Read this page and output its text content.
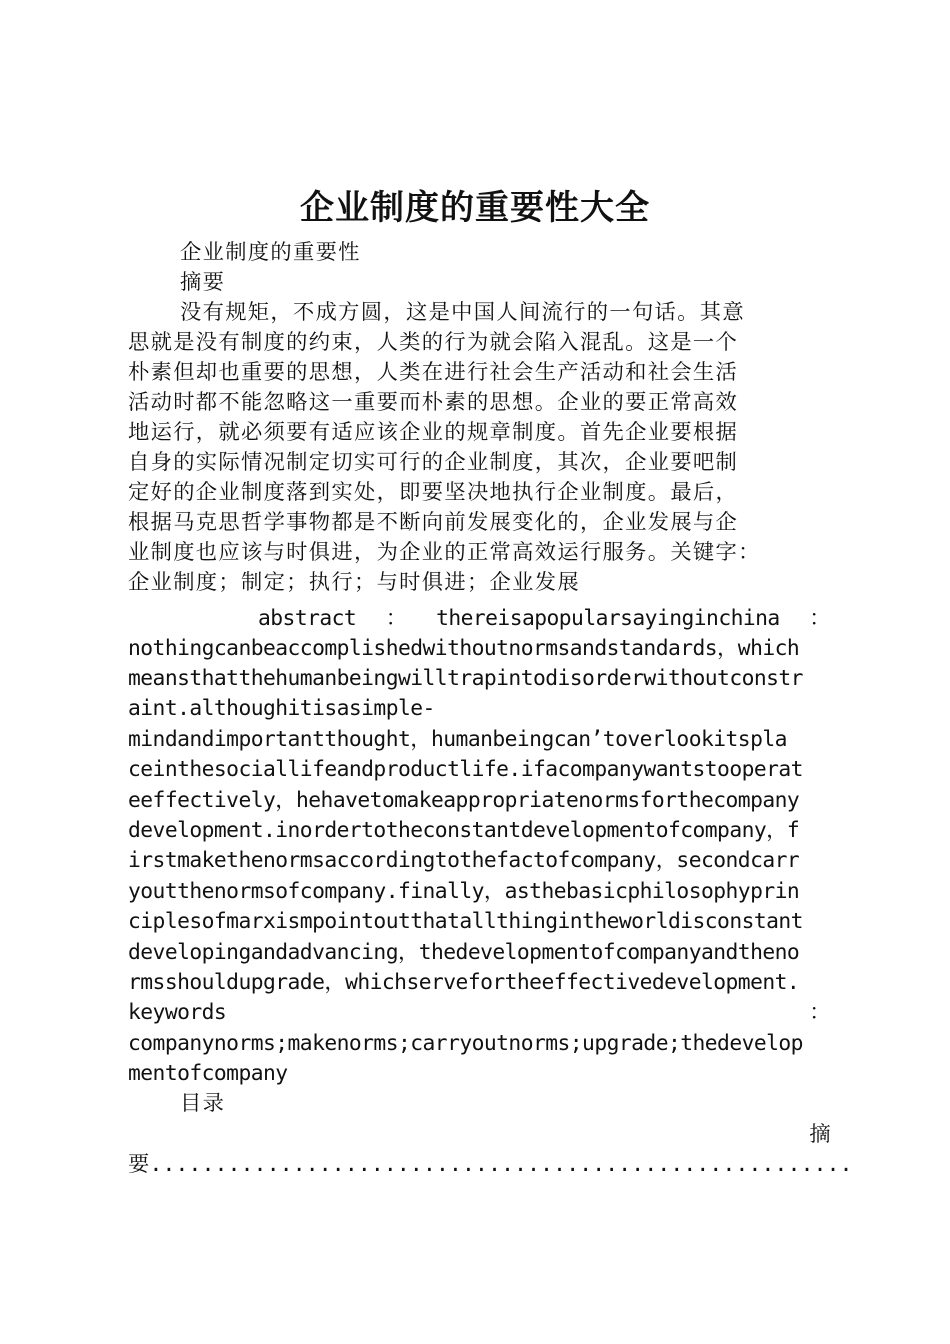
企业制度的重要性大全
企业制度的重要性
摘要
没有规矩，不成方圆，这是中国人间流行的一句话。其意
思就是没有制度的约束，人类的行为就会陷入混乱。这是一个
朴素但却也重要的思想，人类在进行社会生产活动和社会生活
活动时都不能忽略这一重要而朴素的思想。企业的要正常高效
地运行，就必须要有适应该企业的规章制度。首先企业要根据
自身的实际情况制定切实可行的企业制度，其次，企业要吧制
定好的企业制度落到实处，即要坚决地执行企业制度。最后，
根据马克思哲学事物都是不断向前发展变化的，企业发展与企
业制度也应该与时俱进，为企业的正常高效运行服务。关键字：
企业制度；制定；执行；与时俱进；企业发展
abstract ： thereisapopularsayinginchina ：
nothingcanbeaccomplishedwithoutnormsandstandards，which
meansthatthehumanbeingwilltrapintodisorderwithoutconstr
aint.althoughitisasimple-
mindandimportantthought，humanbeingcan’toverlookitspla
ceinthesociallifeandproductlife.ifacompanywantstooperat
eeffectively，hehavetomakeappropriatenormsforthecompany
development.inordertotheconstantdevelopmentofcompany，f
irstmakethenormsaccordingtothefactofcompany，secondcarr
youtthenormsofcompany.finally，asthebasicphilosophyprin
ciplesofmarxismpointoutthatallthingintheworldisconstant
developingandadvancing，thedevelopmentofcompanyandtheno
rmsshouldupgrade，whichservefortheeffectivedevelopment.
keywords	：
companynorms;makenorms;carryoutnorms;upgrade;thedevelop
mentofcompany
目录
摘
要......................................................
